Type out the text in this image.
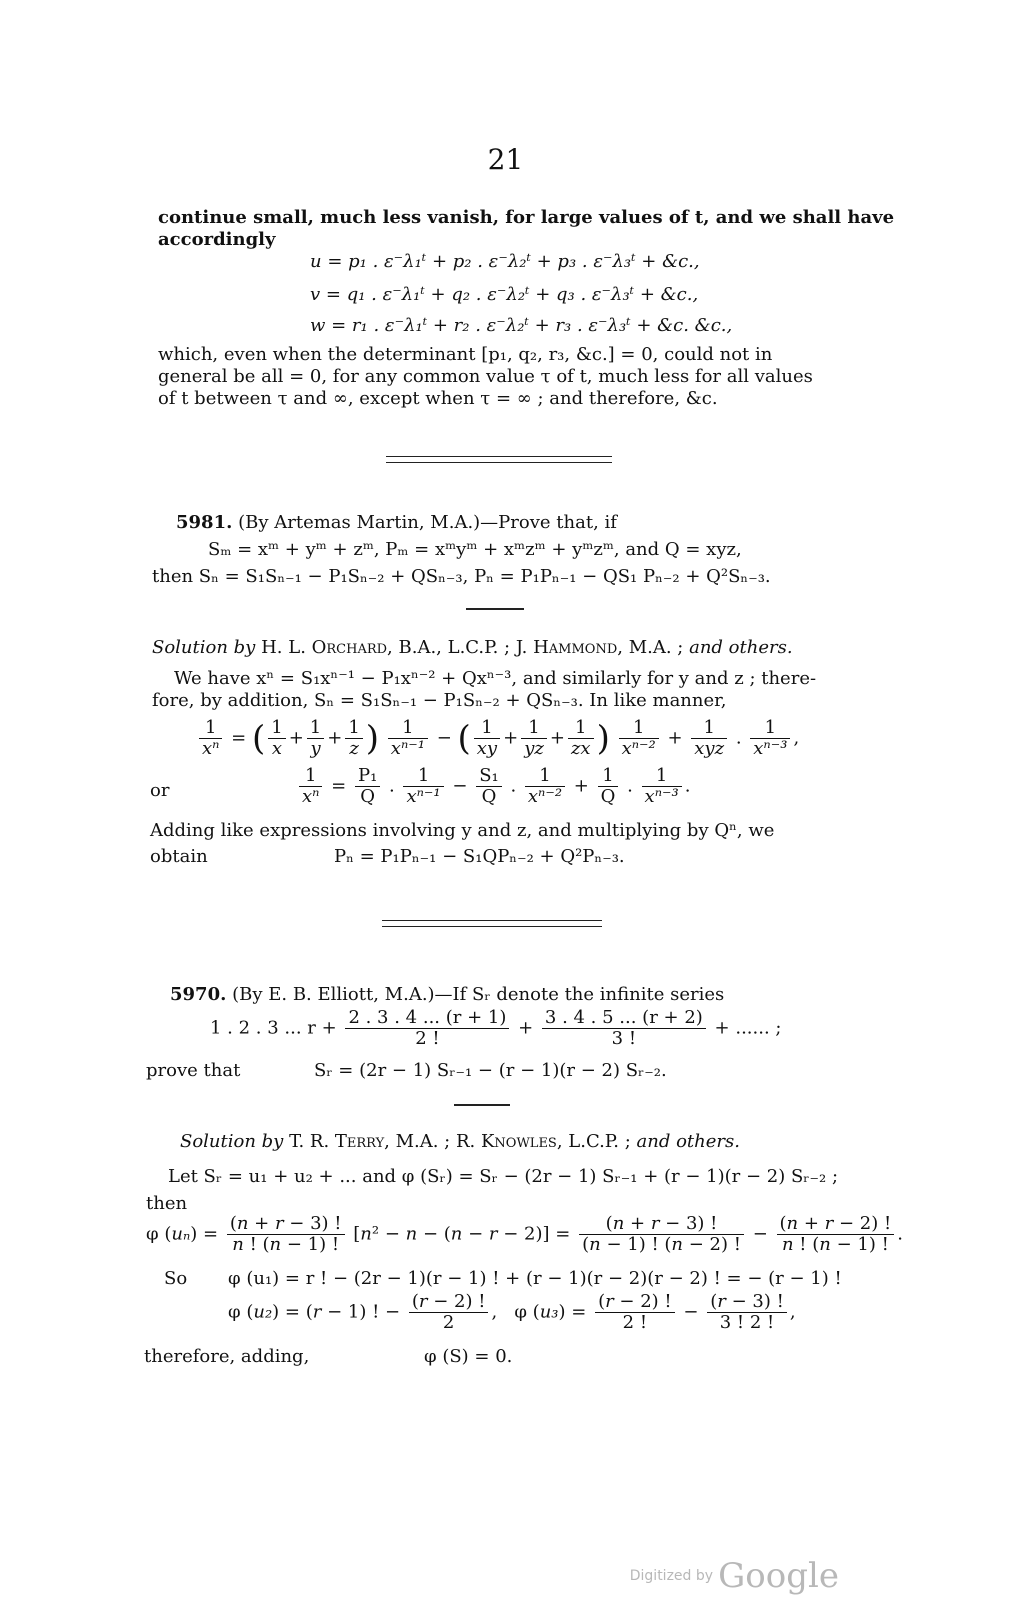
21
continue small, much less vanish, for large values of t, and we shall have
accordingly
u = p₁ . ε⁻λ₁ᵗ + p₂ . ε⁻λ₂ᵗ + p₃ . ε⁻λ₃ᵗ + &c.,
v = q₁ . ε⁻λ₁ᵗ + q₂ . ε⁻λ₂ᵗ + q₃ . ε⁻λ₃ᵗ + &c.,
w = r₁ . ε⁻λ₁ᵗ + r₂ . ε⁻λ₂ᵗ + r₃ . ε⁻λ₃ᵗ + &c. &c.,
which, even when the determinant [p₁, q₂, r₃, &c.] = 0, could not in
general be all = 0, for any common value τ of t, much less for all values
of t between τ and ∞, except when τ = ∞ ; and therefore, &c.
5981. (By Artemas Martin, M.A.)—Prove that, if
Sₘ = xᵐ + yᵐ + zᵐ, Pₘ = xᵐyᵐ + xᵐzᵐ + yᵐzᵐ, and Q = xyz,
then Sₙ = S₁Sₙ₋₁ − P₁Sₙ₋₂ + QSₙ₋₃, Pₙ = P₁Pₙ₋₁ − QS₁ Pₙ₋₂ + Q²Sₙ₋₃.
Solution by H. L. Orchard, B.A., L.C.P. ; J. Hammond, M.A. ; and others.
We have xⁿ = S₁xⁿ⁻¹ − P₁xⁿ⁻² + Qxⁿ⁻³, and similarly for y and z ; there-
fore, by addition, Sₙ = S₁Sₙ₋₁ − P₁Sₙ₋₂ + QSₙ₋₃. In like manner,
$\frac{1}{\text{xⁿ}}$ = ( $\frac{1}{x} + \frac{1}{y} + \frac{1}{z}$ ) $\frac{1}{\text{xⁿ⁻¹}}$ − ( $\frac{1}{xy} + \frac{1}{yz} + \frac{1}{zx}$ ) $\frac{1}{\text{xⁿ⁻²}} + \frac{1}{\text{xyz}}$ . $\frac{1}{\text{xⁿ⁻³}}$ ,
or	$\frac{1}{\text{xⁿ}} = \frac{\text{P₁}}{Q}$ . $\frac{1}{\text{xⁿ⁻¹}} - \frac{\text{S₁}}{Q}$ . $\frac{1}{\text{xⁿ⁻²}} + \frac{1}{Q}$ . $\frac{1}{\text{xⁿ⁻³}}$ .
Adding like expressions involving y and z, and multiplying by Qⁿ, we
obtain	Pₙ = P₁Pₙ₋₁ − S₁QPₙ₋₂ + Q²Pₙ₋₃.
5970. (By E. B. Elliott, M.A.)—If Sᵣ denote the infinite series
1 . 2 . 3 ... $r + \frac{2 . 3 . 4 ... (r + 1)}{2 !} + \frac{3 . 4 . 5 ... (r + 2)}{3 !}$ + ...... ;
prove that	Sᵣ = (2r − 1) Sᵣ₋₁ − (r − 1)(r − 2) Sᵣ₋₂.
Solution by T. R. Terry, M.A. ; R. Knowles, L.C.P. ; and others.
Let Sᵣ = u₁ + u₂ + ... and φ (Sᵣ) = Sᵣ − (2r − 1) Sᵣ₋₁ + (r − 1)(r − 2) Sᵣ₋₂ ;
then
φ $(u_n) = \frac{(n + r - 3) !}{n ! (n - 1) !} [n^2 - n - (n - r - 2)] = \frac{(n + r - 3) !}{(n - 1) ! (n - 2) !} - \frac{(n + r - 2) !}{n ! (n - 1) !}$ .
So φ (u₁) = r ! − (2r − 1)(r − 1) ! + (r − 1)(r − 2)(r − 2) ! = − (r − 1) !
φ (u₂) = (r − 1) ! − $\frac{(r - 2) !}{2}$ ,   φ $(u_3) = \frac{(r - 2) !}{2 !} - \frac{(r - 3) !}{3 ! 2 !}$ ,
therefore, adding,	φ (S) = 0.
Digitized by Google
